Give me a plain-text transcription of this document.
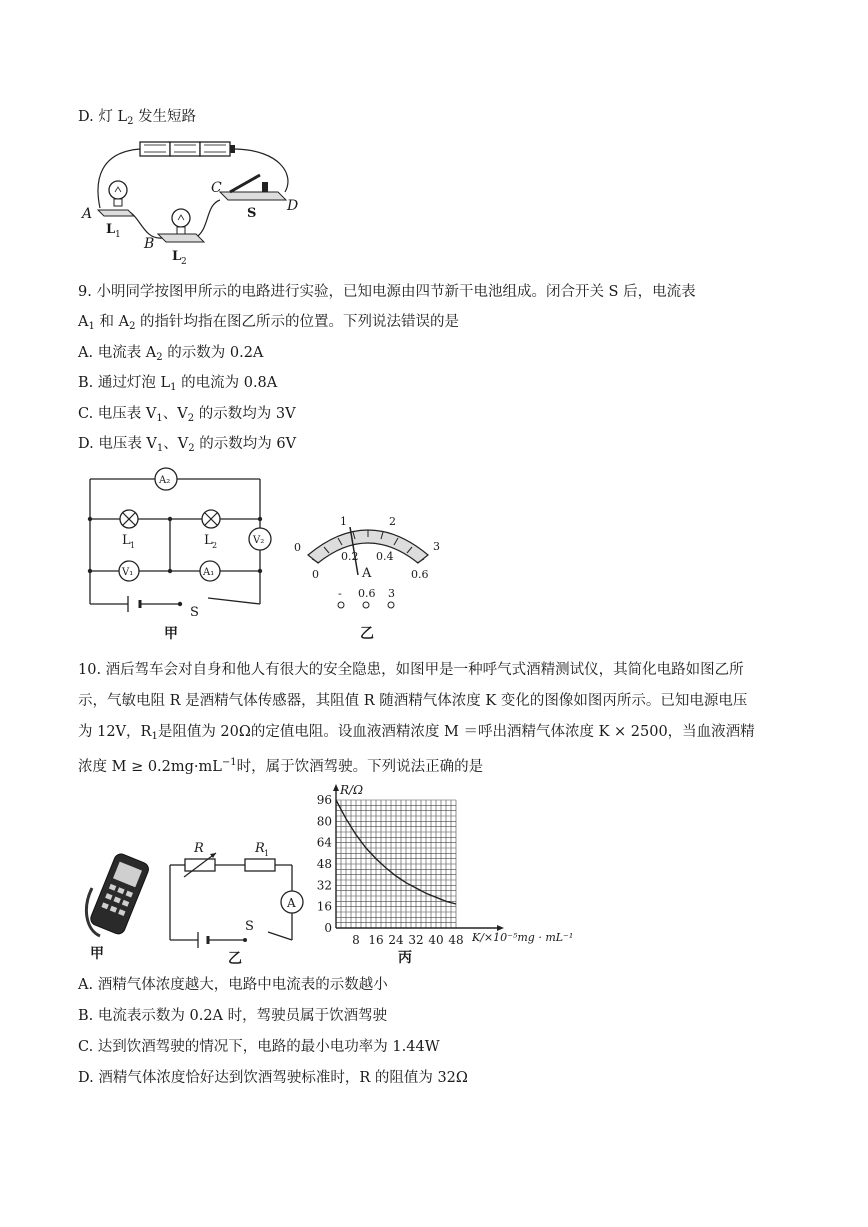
D. 灯 $L_2$ 发生短路
A
B
C
D
S
L 1
L 2
9. 小明同学按图甲所示的电路进行实验，已知电源由四节新干电池组成。闭合开关 S 后，电流表
$A_1$ 和 $A_2$ 的指针均指在图乙所示的位置。下列说法错误的是
A. 电流表 $A_2$ 的示数为 0.2A
B. 通过灯泡 $L_1$ 的电流为 0.8A
C. 电压表 $V_1$、$V_2$ 的示数均为 3V
D. 电压表 $V_1$、$V_2$ 的示数均为 6V
A₂
V₂
V₁	A₁
L 1	L 2
S
甲
0
1	2
3
0
0.2 0.4
0.6
A
- 0.6 3
乙
10. 酒后驾车会对自身和他人有很大的安全隐患，如图甲是一种呼气式酒精测试仪，其简化电路如图乙所
示，气敏电阻 R 是酒精气体传感器，其阻值 R 随酒精气体浓度 K 变化的图像如图丙所示。已知电源电压
为 12V，$R_1$是阻值为 20Ω的定值电阻。设血液酒精浓度 M ＝呼出酒精气体浓度 K × 2500，当血液酒精
浓度 $M \ge 0.2mg\cdot mL^{-1}$时，属于饮酒驾驶。下列说法正确的是
甲
A
R	R 1
S
乙
96
80
64
48
32
16
0
8 16 24 32 40 48
R/Ω
K/×10⁻⁵mg · mL⁻¹
丙
A. 酒精气体浓度越大，电路中电流表的示数越小
B. 电流表示数为 0.2A 时，驾驶员属于饮酒驾驶
C. 达到饮酒驾驶的情况下，电路的最小电功率为 1.44W
D. 酒精气体浓度恰好达到饮酒驾驶标准时，R 的阻值为 32Ω
